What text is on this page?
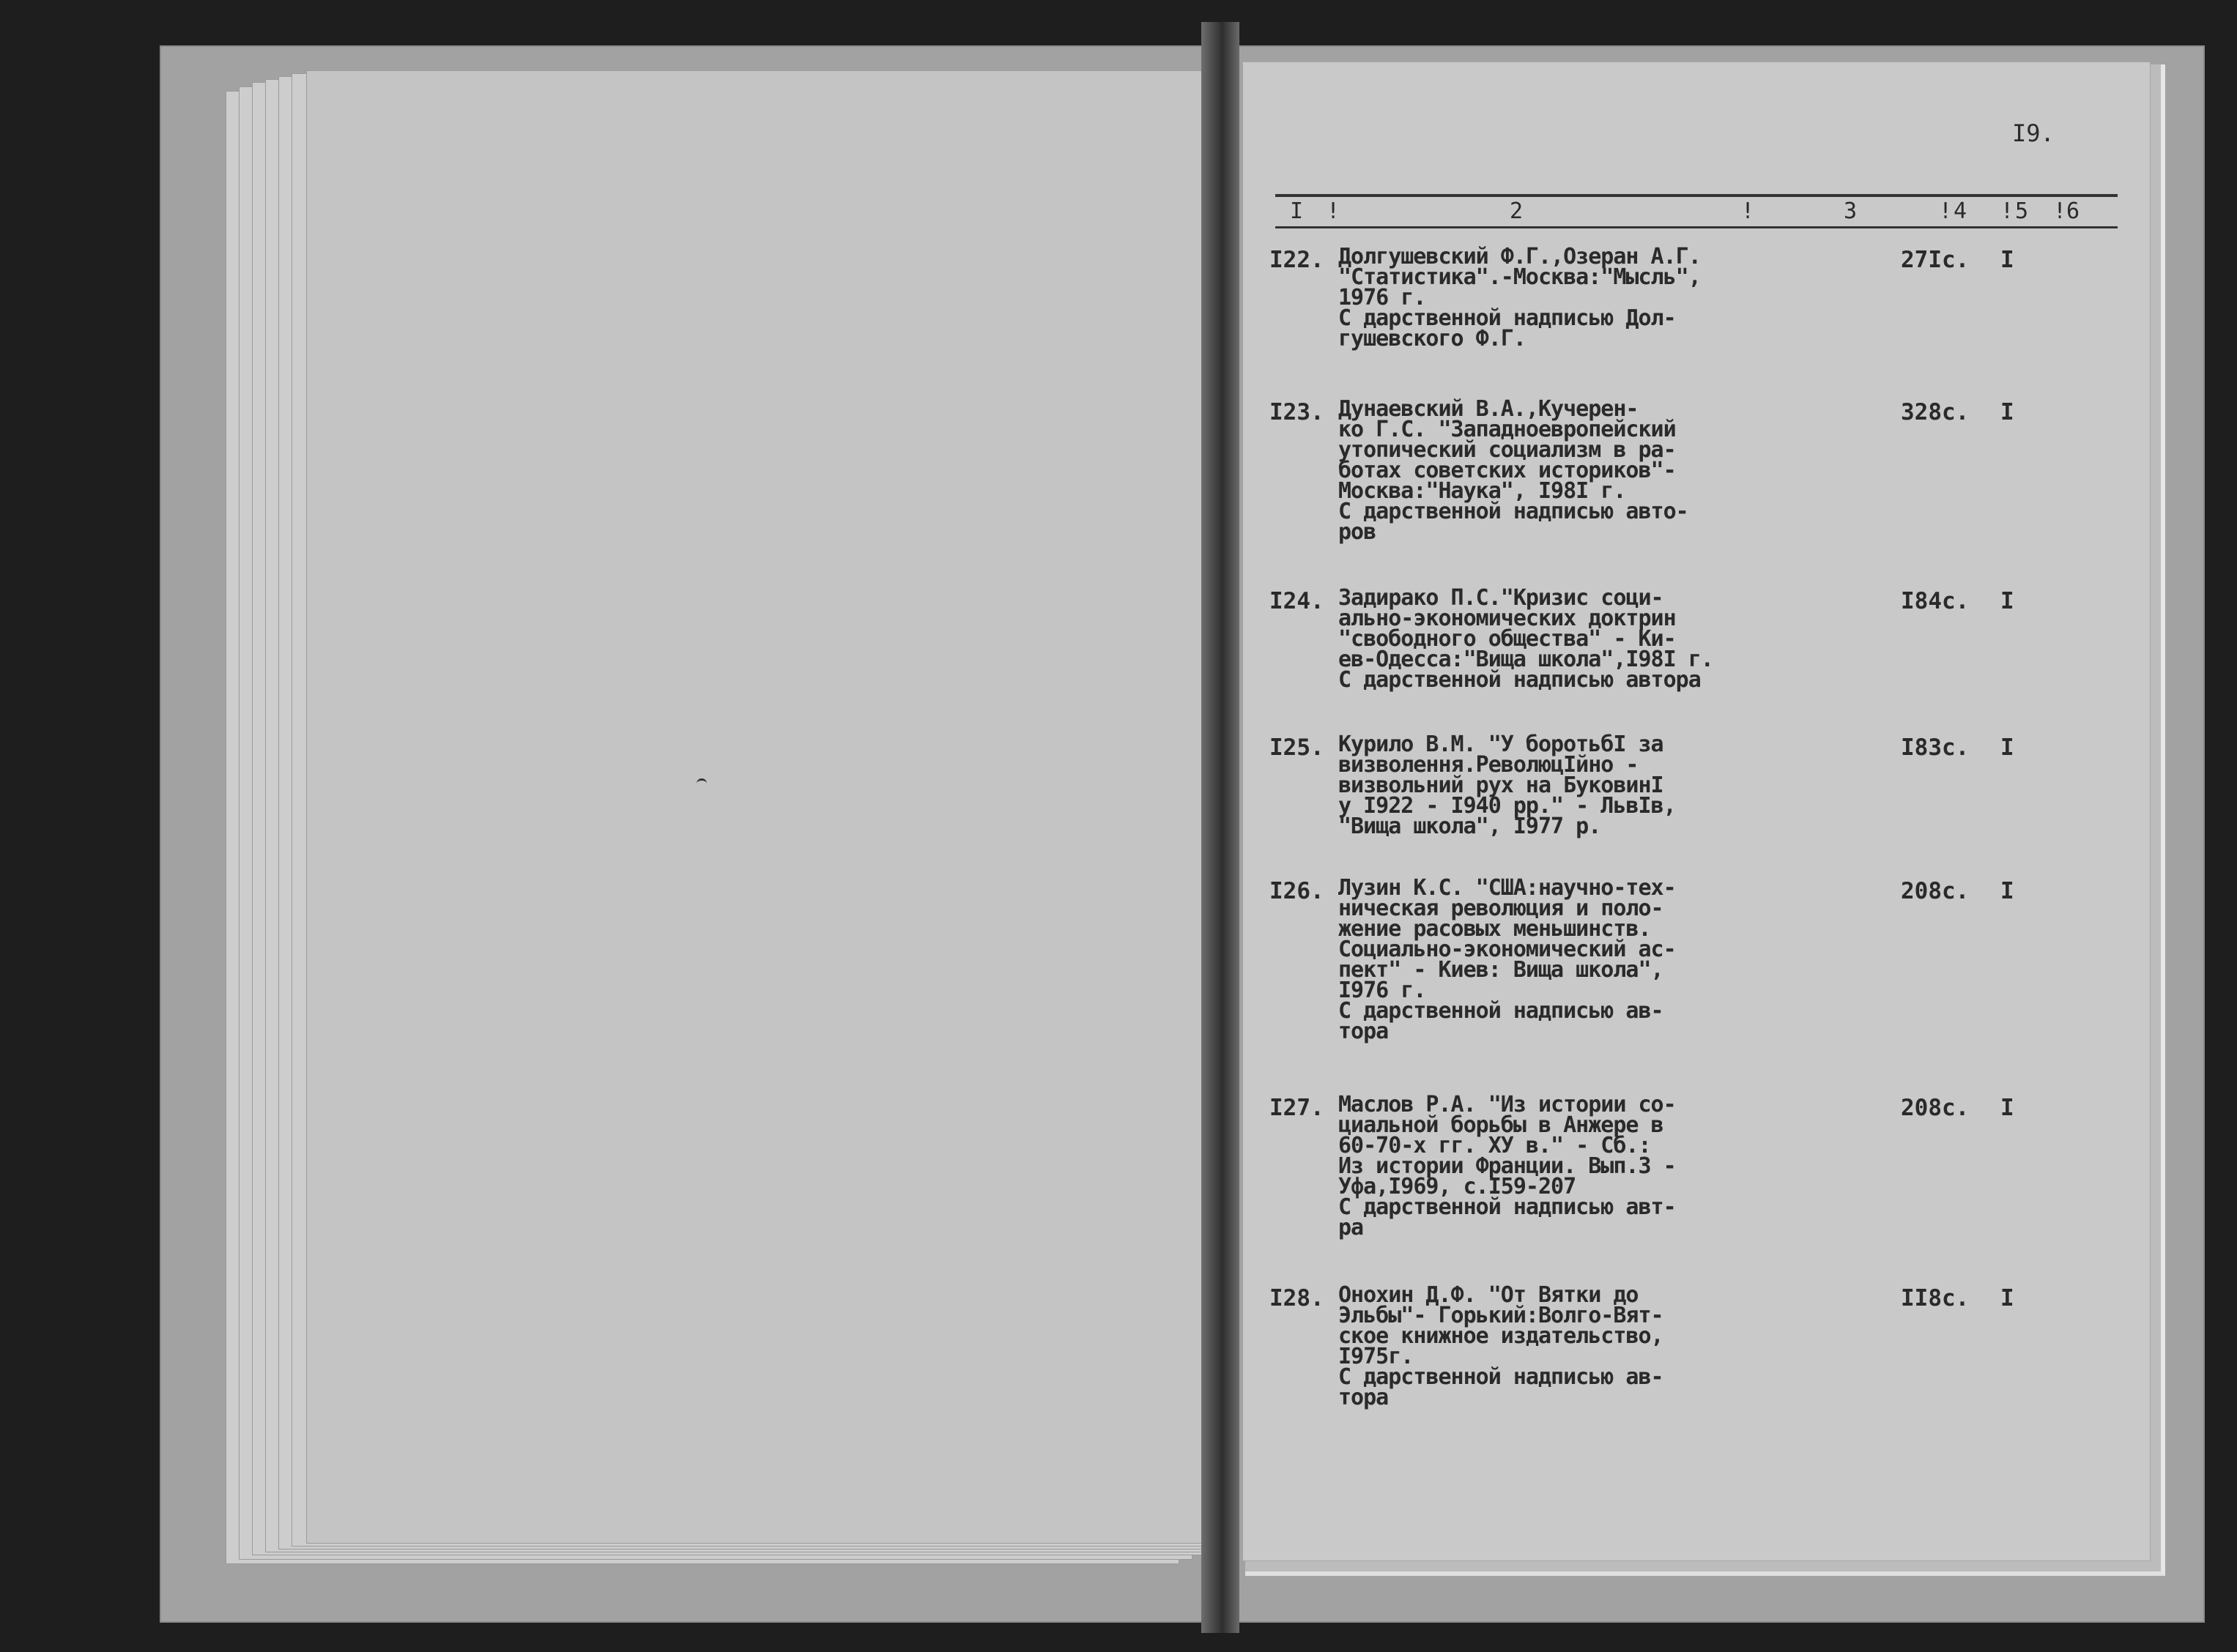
I9.
I !	2	!	3	! 4 ! 5 ! 6
I22. Долгушевский Ф.Г.,Озеран А.Г.
"Статистика".-Москва:"Мысль",
1976 г.
С дарственной надписью Дол-
гушевского Ф.Г.
27Iс. I
I23. Дунаевский В.А.,Кучерен-
ко Г.С. "Западноевропейский
утопический социализм в ра-
ботах советских историков"-
Москва:"Наука", I98I г.
С дарственной надписью авто-
ров
328с. I
I24. Задирако П.С."Кризис соци-
ально-экономических доктрин
"свободного общества" - Ки-
ев-Одесса:"Вища школа",I98I г.
С дарственной надписью автора
I84с. I
I25. Курило В.М. "У боротьбI за
визволення.РеволюцIйно -
визвольний рух на БуковинI
у I922 - I940 рр." - ЛьвIв,
"Вища школа", I977 р.
I83с. I
I26. Лузин К.С. "США:научно-тех-
ническая революция и поло-
жение расовых меньшинств.
Социально-экономический ас-
пект" - Киев: Вища школа",
I976 г.
С дарственной надписью ав-
тора
208с. I
I27. Маслов Р.А. "Из истории со-
циальной борьбы в Анжере в
60-70-х гг. ХУ в." - Сб.:
Из истории Франции. Вып.3 -
Уфа,I969, с.I59-207
С дарственной надписью авт-
ра
208с. I
I28. Онохин Д.Ф. "От Вятки до
Эльбы"- Горький:Волго-Вят-
ское книжное издательство,
I975г.
С дарственной надписью ав-
тора
II8с. I
